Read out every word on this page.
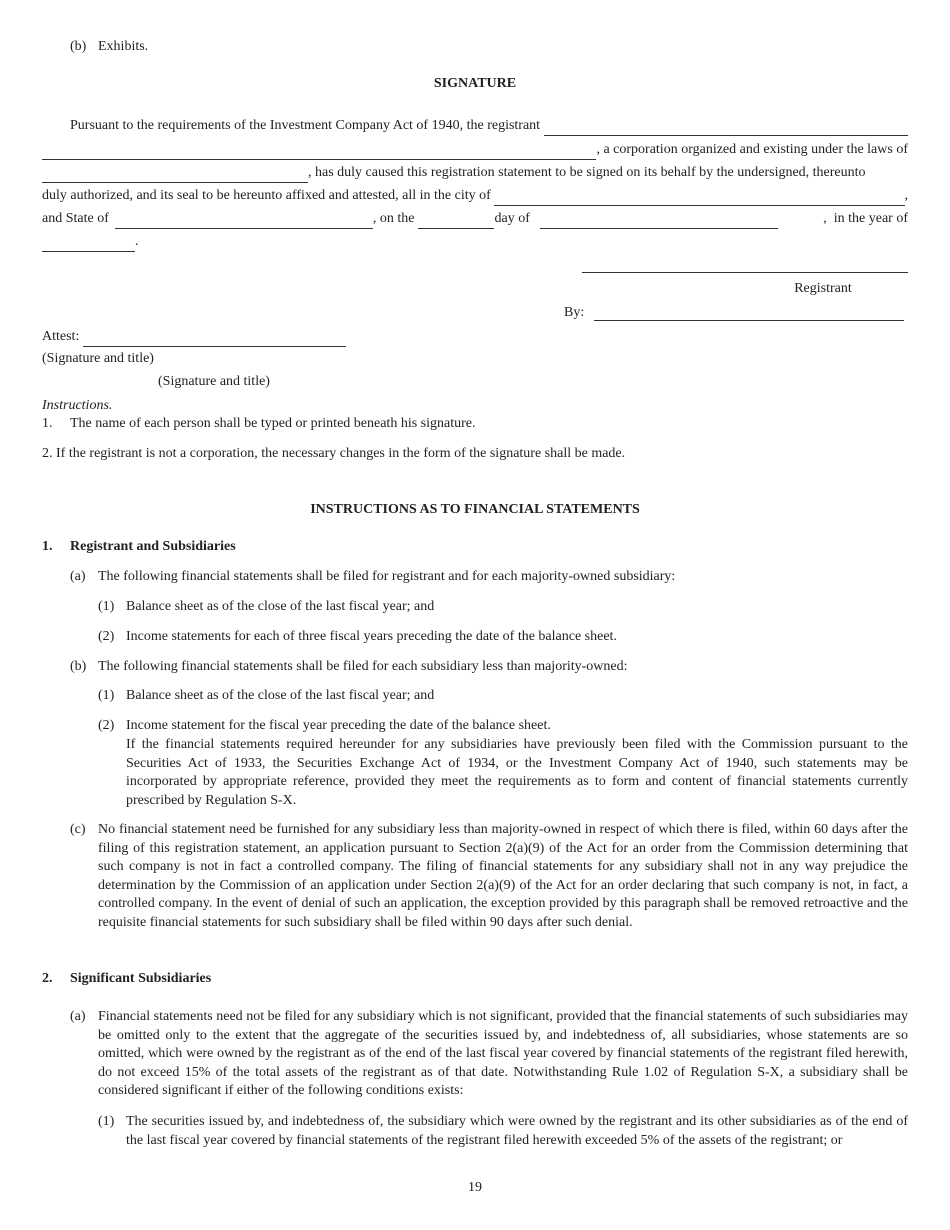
(b) Exhibits.
SIGNATURE
Pursuant to the requirements of the Investment Company Act of 1940, the registrant
, a corporation organized and existing under the laws of
, has duly caused this registration statement to be signed on its behalf by the undersigned, thereunto
duly authorized, and its seal to be hereunto affixed and attested, all in the city of	,
and State of	, on the	day of	,  in the year of
.
Registrant
By:
Attest:
(Signature and title)
(Signature and title)
Instructions.
1. The name of each person shall be typed or printed beneath his signature.
2. If the registrant is not a corporation, the necessary changes in the form of the signature shall be made.
INSTRUCTIONS AS TO FINANCIAL STATEMENTS
1. Registrant and Subsidiaries
(a) The following financial statements shall be filed for registrant and for each majority-owned subsidiary:
(1) Balance sheet as of the close of the last fiscal year; and
(2) Income statements for each of three fiscal years preceding the date of the balance sheet.
(b) The following financial statements shall be filed for each subsidiary less than majority-owned:
(1) Balance sheet as of the close of the last fiscal year; and
(2) Income statement for the fiscal year preceding the date of the balance sheet.
If the financial statements required hereunder for any subsidiaries have previously been filed with the Commission pursuant to the Securities Act of 1933, the Securities Exchange Act of 1934, or the Investment Company Act of 1940, such statements may be incorporated by appropriate reference, provided they meet the requirements as to form and content of financial statements currently prescribed by Regulation S-X.
(c) No financial statement need be furnished for any subsidiary less than majority-owned in respect of which there is filed, within 60 days after the filing of this registration statement, an application pursuant to Section 2(a)(9) of the Act for an order from the Commission determining that such company is not in fact a controlled company. The filing of financial statements for any subsidiary shall not in any way prejudice the determination by the Commission of an application under Section 2(a)(9) of the Act for an order declaring that such company is not, in fact, a controlled company. In the event of denial of such an application, the exception provided by this paragraph shall be removed retroactive and the requisite financial statements for such subsidiary shall be filed within 90 days after such denial.
2. Significant Subsidiaries
(a) Financial statements need not be filed for any subsidiary which is not significant, provided that the financial statements of such subsidiaries may be omitted only to the extent that the aggregate of the securities issued by, and indebtedness of, all subsidiaries, whose statements are so omitted, which were owned by the registrant as of the end of the last fiscal year covered by financial statements of the registrant filed herewith, do not exceed 15% of the total assets of the registrant as of that date. Notwithstanding Rule 1.02 of Regulation S-X, a subsidiary shall be considered significant if either of the following conditions exists:
(1) The securities issued by, and indebtedness of, the subsidiary which were owned by the registrant and its other subsidiaries as of the end of the last fiscal year covered by financial statements of the registrant filed herewith exceeded 5% of the assets of the registrant; or
19
